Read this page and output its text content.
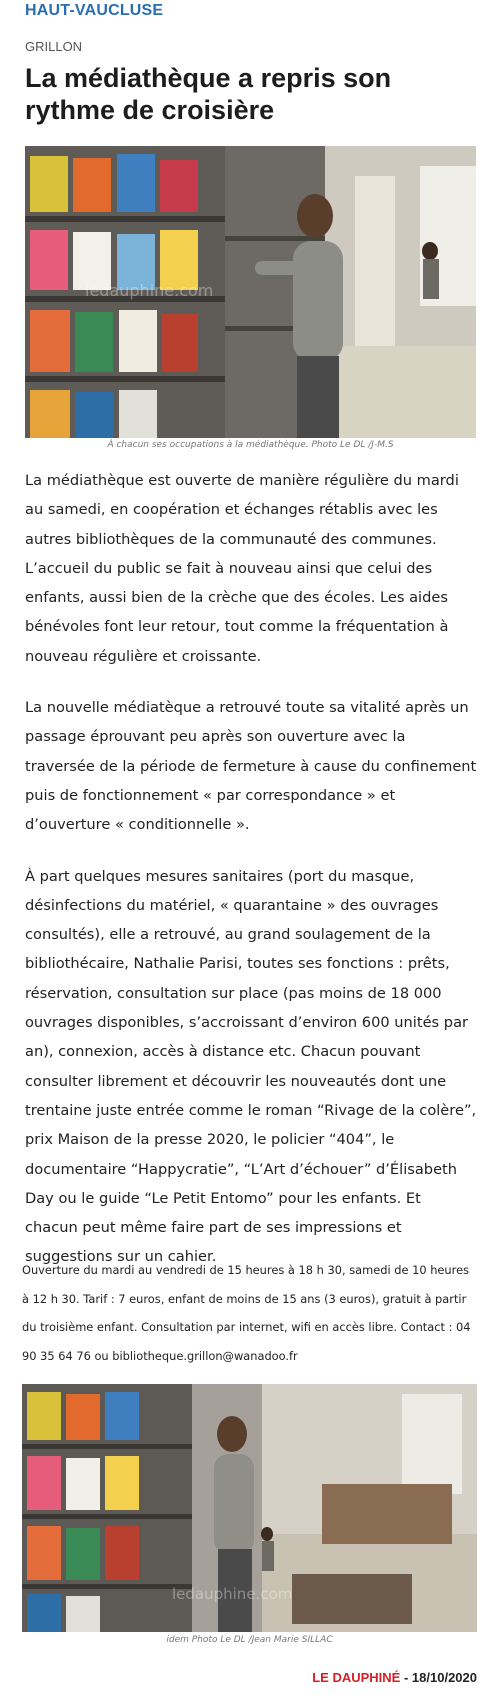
HAUT-VAUCLUSE
GRILLON
La médiathèque a repris son rythme de croisière
ledauphine.com
À chacun ses occupations à la médiathèque. Photo Le DL /J-M.S

La médiathèque est ouverte de manière régulière du mardi au samedi, en coopération et échanges rétablis avec les autres bibliothèques de la communauté des communes. L’accueil du public se fait à nouveau ainsi que celui des enfants, aussi bien de la crèche que des écoles. Les aides bénévoles font leur retour, tout comme la fréquentation à nouveau régulière et croissante.

La nouvelle médiatèque a retrouvé toute sa vitalité après un passage éprouvant peu après son ouverture avec la traversée de la période de fermeture à cause du confinement puis de fonctionnement « par correspondance » et d’ouverture « conditionnelle ».

À part quelques mesures sanitaires (port du masque, désinfections du matériel, « quarantaine » des ouvrages consultés), elle a retrouvé, au grand soulagement de la bibliothécaire, Nathalie Parisi, toutes ses fonctions : prêts, réservation, consultation sur place (pas moins de 18 000 ouvrages disponibles, s’accroissant d’environ 600 unités par an), connexion, accès à distance etc. Chacun pouvant consulter librement et découvrir les nouveautés dont une trentaine juste entrée comme le roman “Rivage de la colère”, prix Maison de la presse 2020, le policier “404”, le documentaire “Happycratie”, “L’Art d’échouer” d’Élisabeth Day ou le guide “Le Petit Entomo” pour les enfants. Et chacun peut même faire part de ses impressions et suggestions sur un cahier.

Ouverture du mardi au vendredi de 15 heures à 18 h 30, samedi de 10 heures à 12 h 30. Tarif : 7 euros, enfant de moins de 15 ans (3 euros), gratuit à partir du troisième enfant. Consultation par internet, wifi en accès libre. Contact : 04 90 35 64 76 ou bibliotheque.grillon@wanadoo.fr
ledauphine.com
idem Photo Le DL /Jean Marie SILLAC
LE DAUPHINÉ - 18/10/2020
